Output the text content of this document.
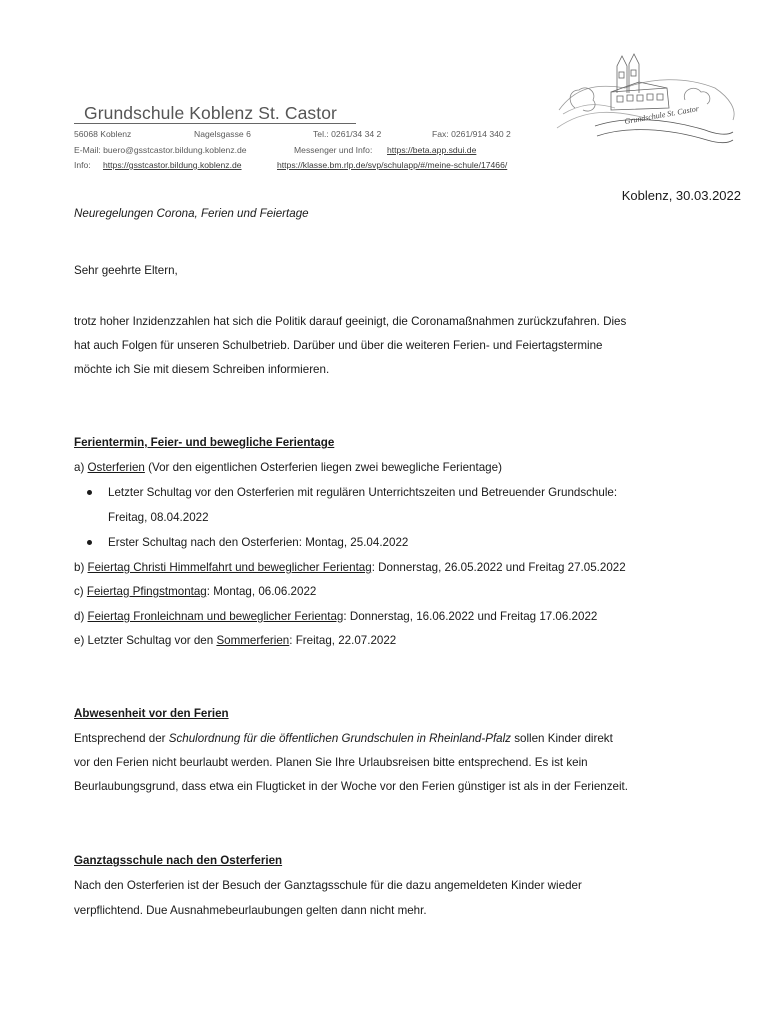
Grundschule Koblenz St. Castor
56068 Koblenz	Nagelsgasse 6	Tel.: 0261/34 34 2	Fax: 0261/914 340 2
E-Mail: buero@gsstcastor.bildung.koblenz.de	Messenger und Info: https://beta.app.sdui.de
Info: https://gsstcastor.bildung.koblenz.de	https://klasse.bm.rlp.de/svp/schulapp/#/meine-schule/17466/
Grundschule St. Castor
Koblenz, 30.03.2022
Neuregelungen Corona, Ferien und Feiertage
Sehr geehrte Eltern,
trotz hoher Inzidenzzahlen hat sich die Politik darauf geeinigt, die Coronamaßnahmen zurückzufahren. Dies
hat auch Folgen für unseren Schulbetrieb. Darüber und über die weiteren Ferien- und Feiertagstermine
möchte ich Sie mit diesem Schreiben informieren.
Ferientermin, Feier- und bewegliche Ferientage
a) Osterferien (Vor den eigentlichen Osterferien liegen zwei bewegliche Ferientage)
Letzter Schultag vor den Osterferien mit regulären Unterrichtszeiten und Betreuender Grundschule:
Freitag, 08.04.2022
Erster Schultag nach den Osterferien: Montag, 25.04.2022
b) Feiertag Christi Himmelfahrt und beweglicher Ferientag: Donnerstag, 26.05.2022 und Freitag 27.05.2022
c) Feiertag Pfingstmontag: Montag, 06.06.2022
d) Feiertag Fronleichnam und beweglicher Ferientag: Donnerstag, 16.06.2022 und Freitag 17.06.2022
e) Letzter Schultag vor den Sommerferien: Freitag, 22.07.2022
Abwesenheit vor den Ferien
Entsprechend der Schulordnung für die öffentlichen Grundschulen in Rheinland-Pfalz sollen Kinder direkt
vor den Ferien nicht beurlaubt werden. Planen Sie Ihre Urlaubsreisen bitte entsprechend. Es ist kein
Beurlaubungsgrund, dass etwa ein Flugticket in der Woche vor den Ferien günstiger ist als in der Ferienzeit.
Ganztagsschule nach den Osterferien
Nach den Osterferien ist der Besuch der Ganztagsschule für die dazu angemeldeten Kinder wieder
verpflichtend. Due Ausnahmebeurlaubungen gelten dann nicht mehr.
